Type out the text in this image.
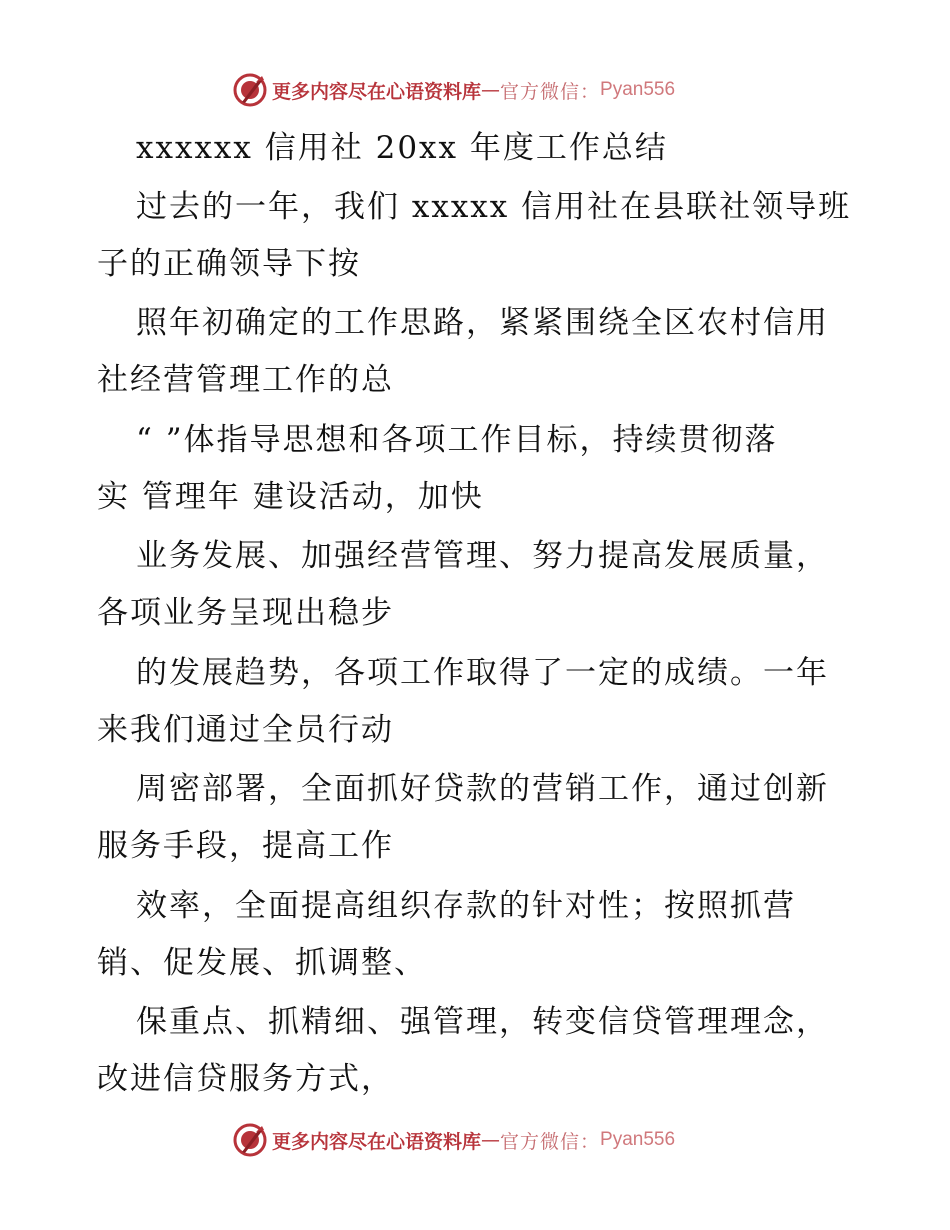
更多内容尽在心语资料库 — 官方微信： Pyan556
xxxxxx 信用社 20xx 年度工作总结
过去的一年，我们 xxxxx 信用社在县联社领导班
子的正确领导下按
照年初确定的工作思路，紧紧围绕全区农村信用
社经营管理工作的总
“ ”体指导思想和各项工作目标，持续贯彻落
实 管理年 建设活动，加快
业务发展、加强经营管理、努力提高发展质量，
各项业务呈现出稳步
的发展趋势，各项工作取得了一定的成绩。一年
来我们通过全员行动
周密部署，全面抓好贷款的营销工作，通过创新
服务手段，提高工作
效率，全面提高组织存款的针对性；按照抓营
销、促发展、抓调整、
保重点、抓精细、强管理，转变信贷管理理念，
改进信贷服务方式，
更多内容尽在心语资料库 — 官方微信： Pyan556
